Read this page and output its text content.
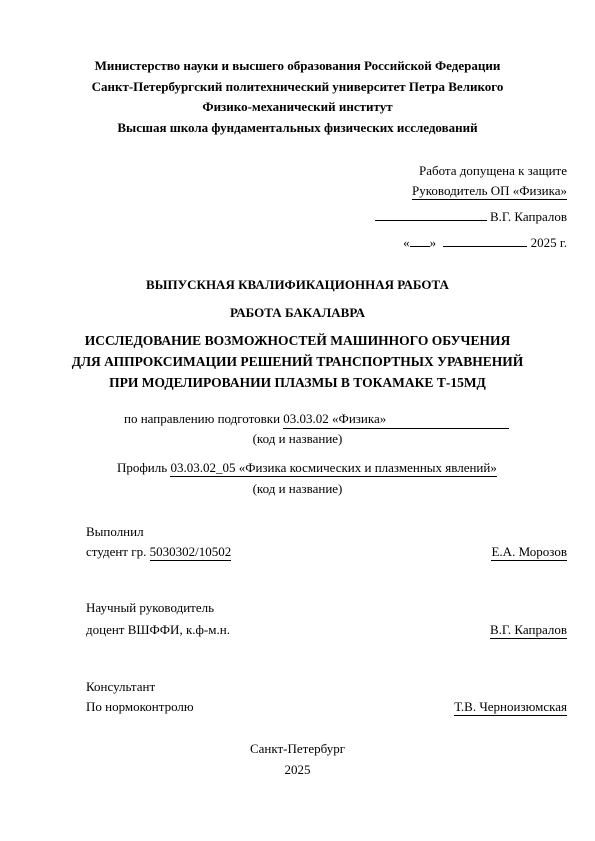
Министерство науки и высшего образования Российской Федерации
Санкт-Петербургский политехнический университет Петра Великого
Физико-механический институт
Высшая школа фундаментальных физических исследований
Работа допущена к защите
Руководитель ОП «Физика»
В.Г. Капралов
« »	2025 г.
ВЫПУСКНАЯ КВАЛИФИКАЦИОННАЯ РАБОТА
РАБОТА БАКАЛАВРА
ИССЛЕДОВАНИЕ ВОЗМОЖНОСТЕЙ МАШИННОГО ОБУЧЕНИЯ
ДЛЯ АППРОКСИМАЦИИ РЕШЕНИЙ ТРАНСПОРТНЫХ УРАВНЕНИЙ
ПРИ МОДЕЛИРОВАНИИ ПЛАЗМЫ В ТОКАМАКЕ Т-15МД
по направлению подготовки 03.03.02 «Физика»
(код и название)
Профиль 03.03.02_05 «Физика космических и плазменных явлений»
(код и название)
Выполнил
студент гр. 5030302/10502	Е.А. Морозов
Научный руководитель
доцент ВШФФИ, к.ф-м.н.	В.Г. Капралов
Консультант
По нормоконтролю	Т.В. Черноизюмская
Санкт-Петербург
2025
